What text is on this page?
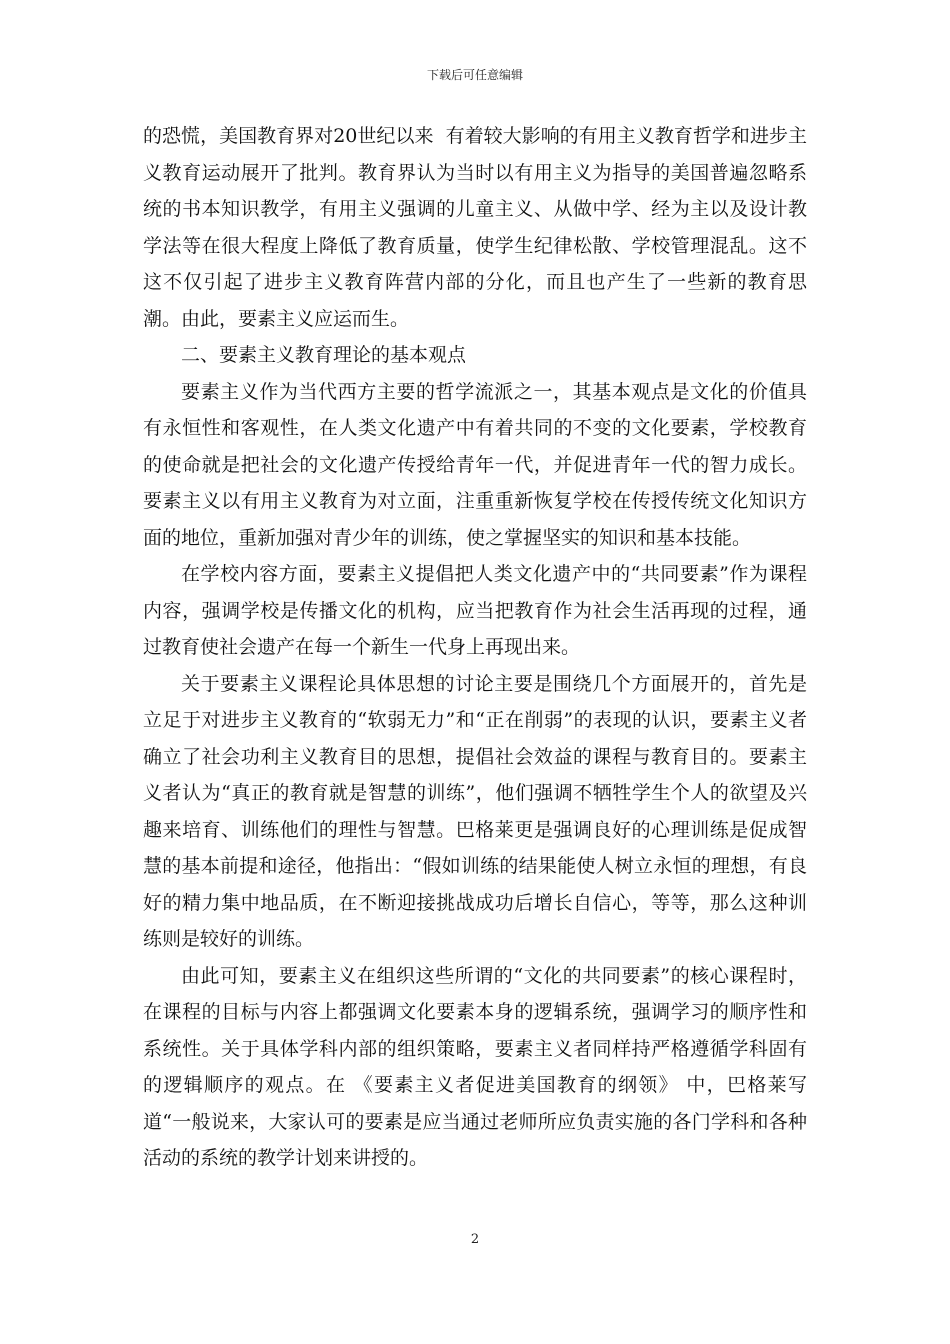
下载后可任意编辑

的恐慌，美国教育界对20世纪以来  有着较大影响的有用主义教育哲学和进步主义教育运动展开了批判。教育界认为当时以有用主义为指导的美国普遍忽略系统的书本知识教学，有用主义强调的儿童主义、从做中学、经为主以及设计教学法等在很大程度上降低了教育质量，使学生纪律松散、学校管理混乱。这不这不仅引起了进步主义教育阵营内部的分化，而且也产生了一些新的教育思潮。由此，要素主义应运而生。

二、要素主义教育理论的基本观点

要素主义作为当代西方主要的哲学流派之一，其基本观点是文化的价值具有永恒性和客观性，在人类文化遗产中有着共同的不变的文化要素，学校教育的使命就是把社会的文化遗产传授给青年一代，并促进青年一代的智力成长。要素主义以有用主义教育为对立面，注重重新恢复学校在传授传统文化知识方面的地位，重新加强对青少年的训练，使之掌握坚实的知识和基本技能。

在学校内容方面，要素主义提倡把人类文化遗产中的“共同要素”作为课程内容，强调学校是传播文化的机构，应当把教育作为社会生活再现的过程，通过教育使社会遗产在每一个新生一代身上再现出来。

关于要素主义课程论具体思想的讨论主要是围绕几个方面展开的，首先是立足于对进步主义教育的“软弱无力”和“正在削弱”的表现的认识，要素主义者确立了社会功利主义教育目的思想，提倡社会效益的课程与教育目的。要素主义者认为“真正的教育就是智慧的训练”，他们强调不牺牲学生个人的欲望及兴趣来培育、训练他们的理性与智慧。巴格莱更是强调良好的心理训练是促成智慧的基本前提和途径，他指出：“假如训练的结果能使人树立永恒的理想，有良好的精力集中地品质，在不断迎接挑战成功后增长自信心，等等，那么这种训练则是较好的训练。

由此可知，要素主义在组织这些所谓的“文化的共同要素”的核心课程时，在课程的目标与内容上都强调文化要素本身的逻辑系统，强调学习的顺序性和系统性。关于具体学科内部的组织策略，要素主义者同样持严格遵循学科固有的逻辑顺序的观点。在 《要素主义者促进美国教育的纲领》 中，巴格莱写道“一般说来，大家认可的要素是应当通过老师所应负责实施的各门学科和各种活动的系统的教学计划来讲授的。

2
